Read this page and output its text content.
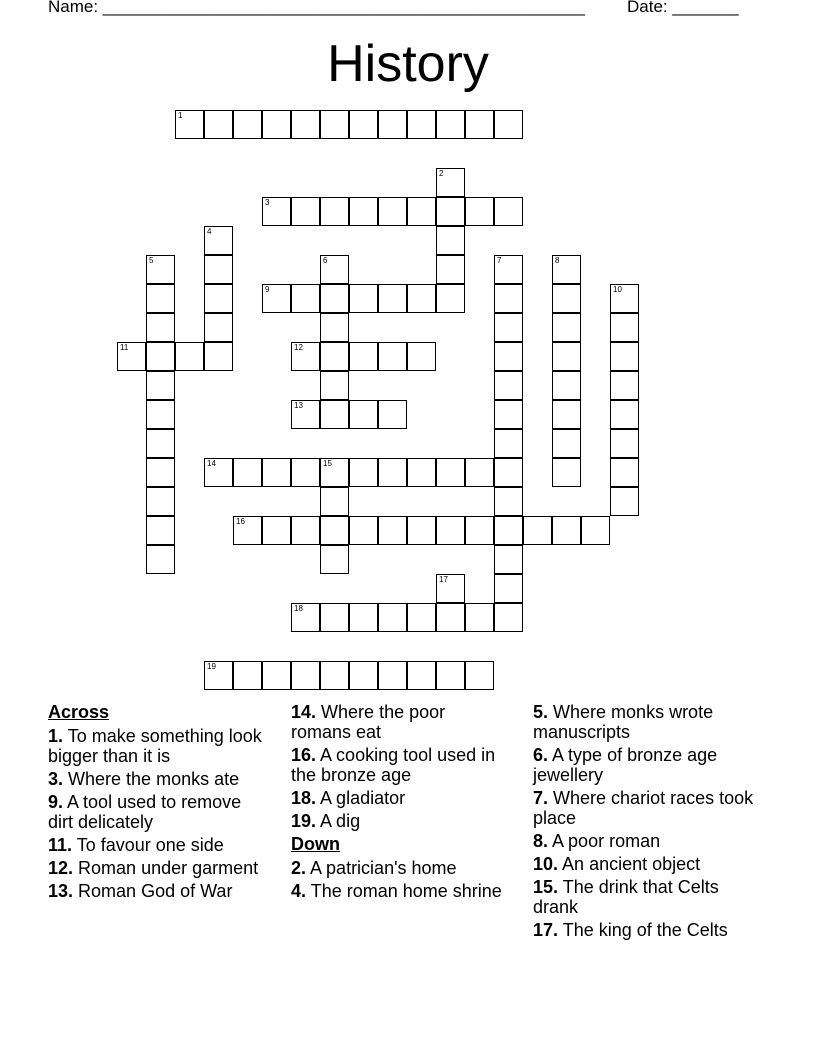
Name: ___________________________________________________ Date: _______
History
1
2
3
4
5	6	7	8
9	10
11	12
13
14	15
16
17
18
19
Across
1. To make something look bigger than it is
3. Where the monks ate
9. A tool used to remove dirt delicately
11. To favour one side
12. Roman under garment
13. Roman God of War
14. Where the poor romans eat
16. A cooking tool used in the bronze age
18. A gladiator
19. A dig
Down
2. A patrician's home
4. The roman home shrine
5. Where monks wrote manuscripts
6. A type of bronze age jewellery
7. Where chariot races took place
8. A poor roman
10. An ancient object
15. The drink that Celts drank
17. The king of the Celts
